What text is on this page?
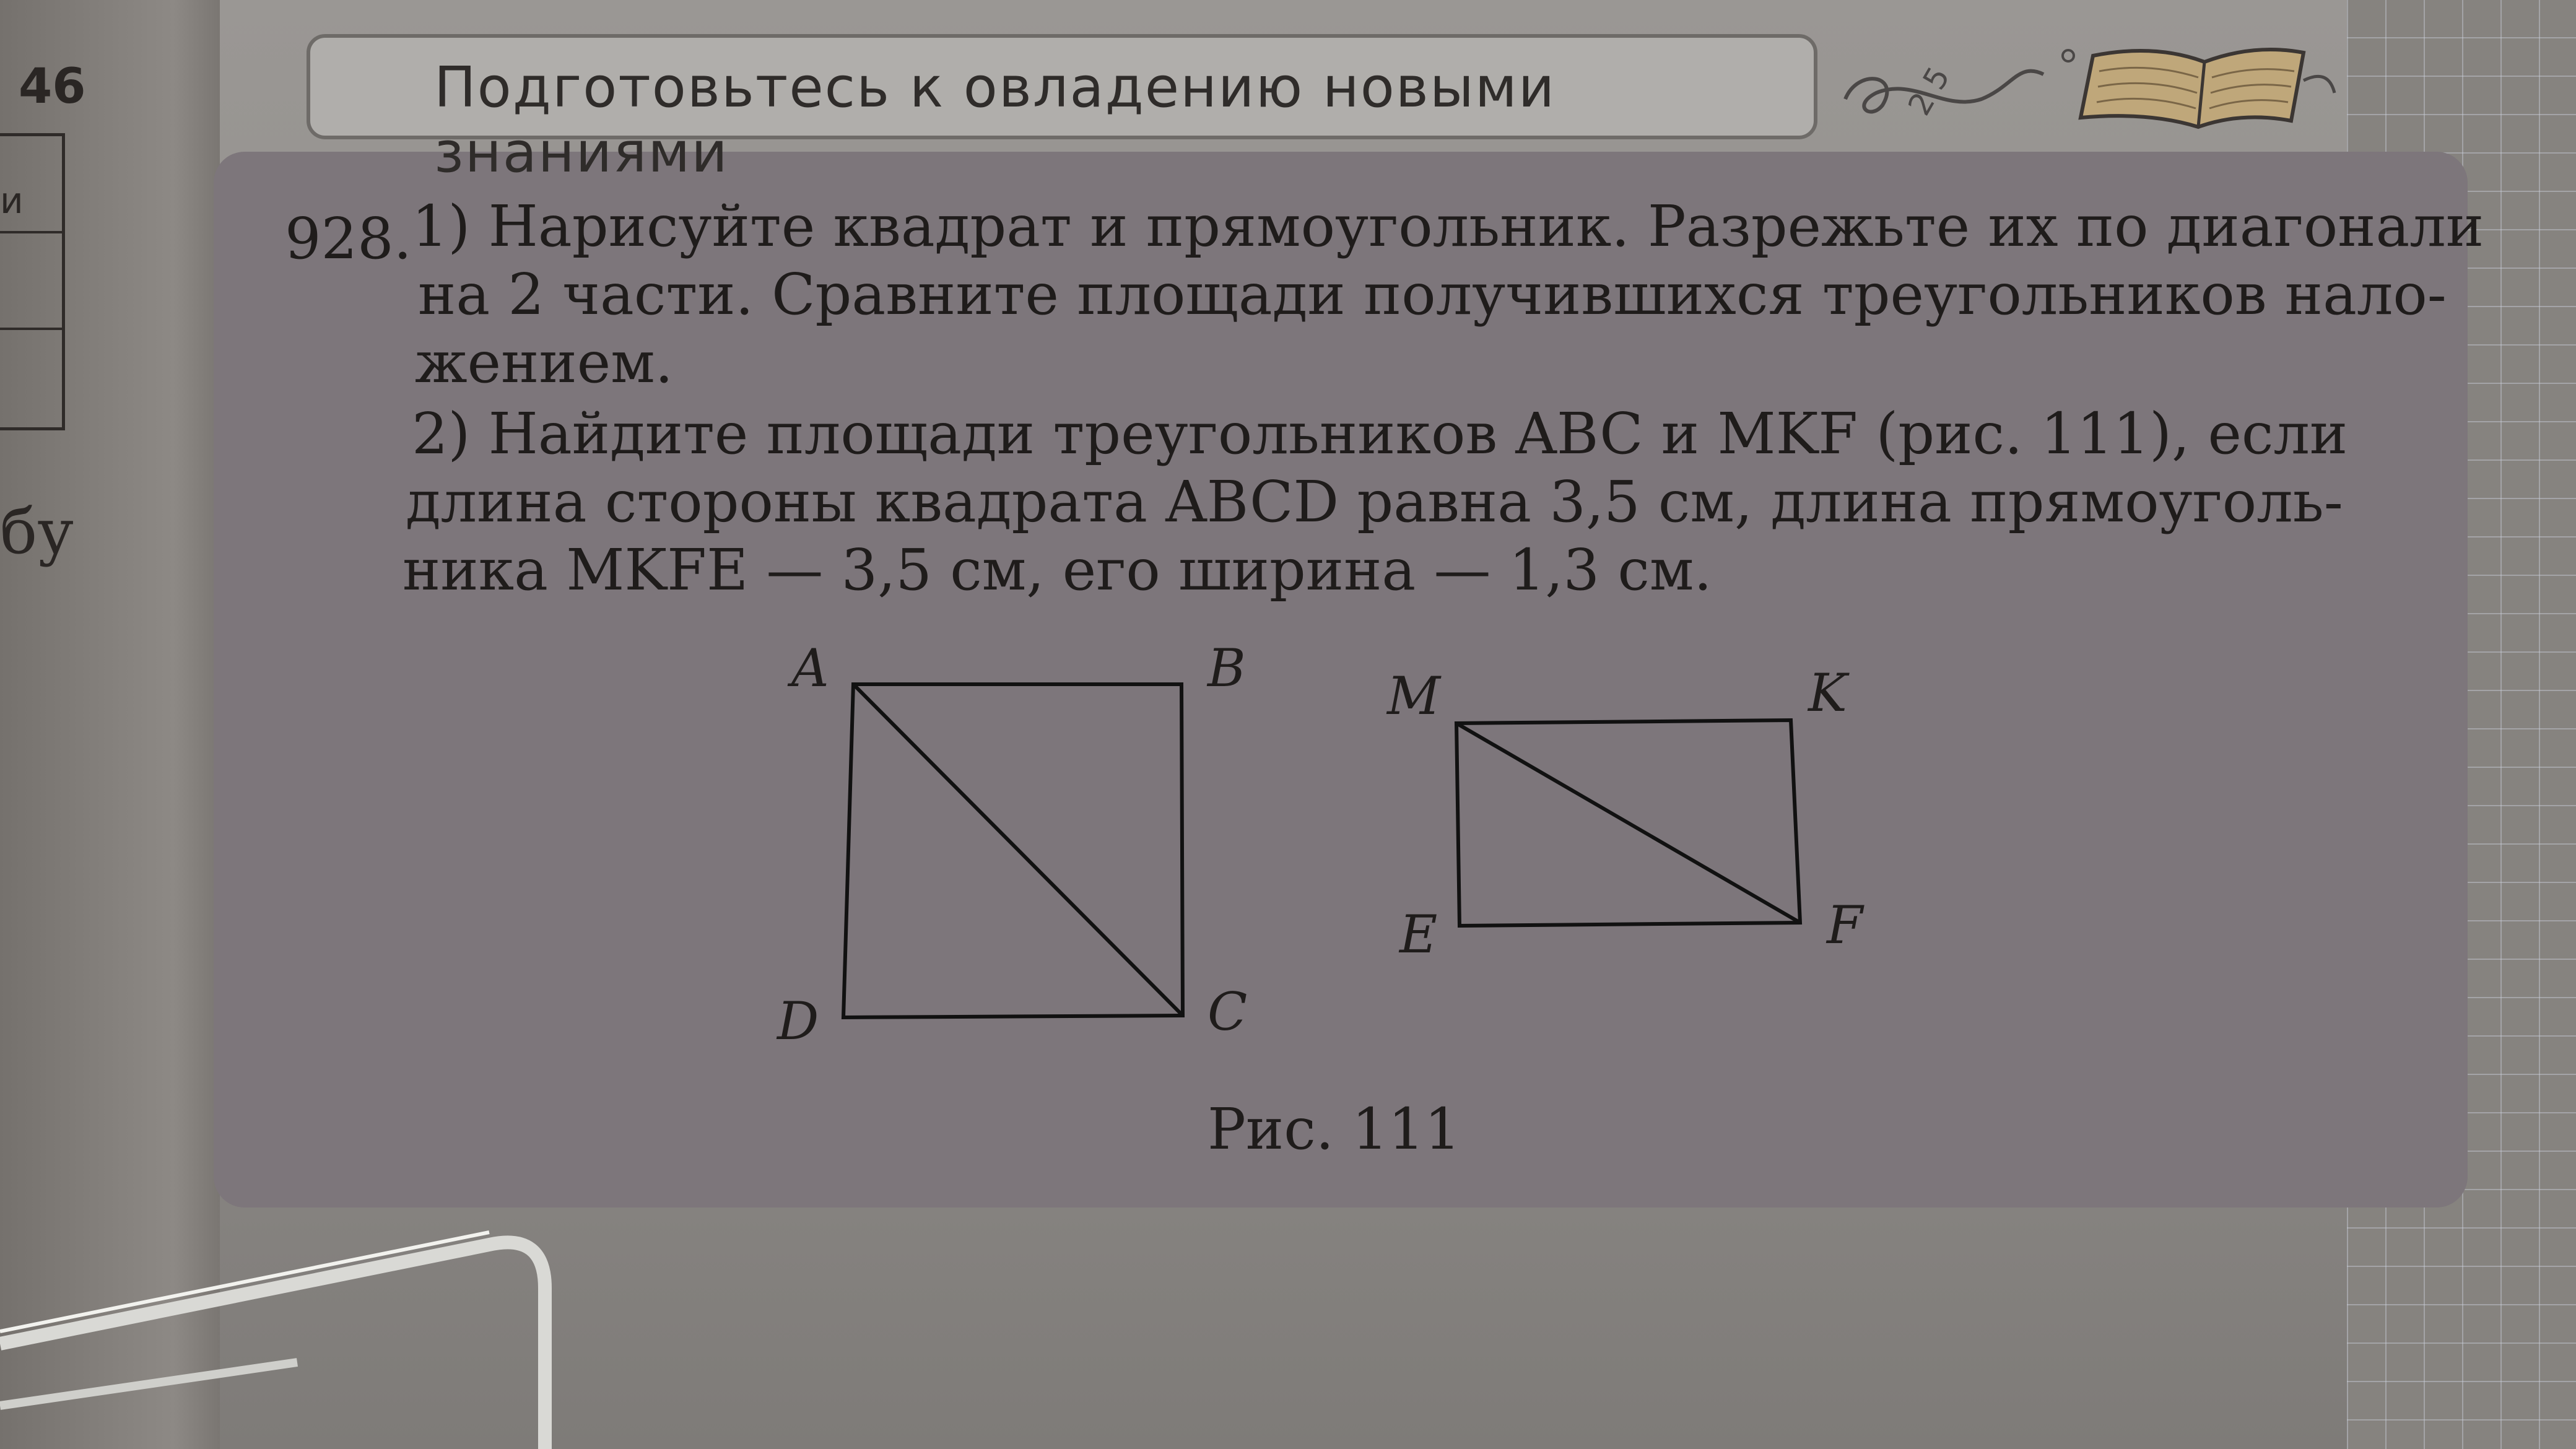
46
и
бу
Подготовьтесь к овладению новыми знаниями
2 5
928. 1) Нарисуйте квадрат и прямоугольник. Разрежьте их по диагонали
на 2 части. Сравните площади получившихся треугольников нало-
жением.
2) Найдите площади треугольников ABC и MKF (рис. 111), если
длина стороны квадрата ABCD равна 3,5 см, длина прямоуголь-
ника MKFE — 3,5 см, его ширина — 1,3 см.
A	B
C
D
M	K
F
E
Рис. 111
